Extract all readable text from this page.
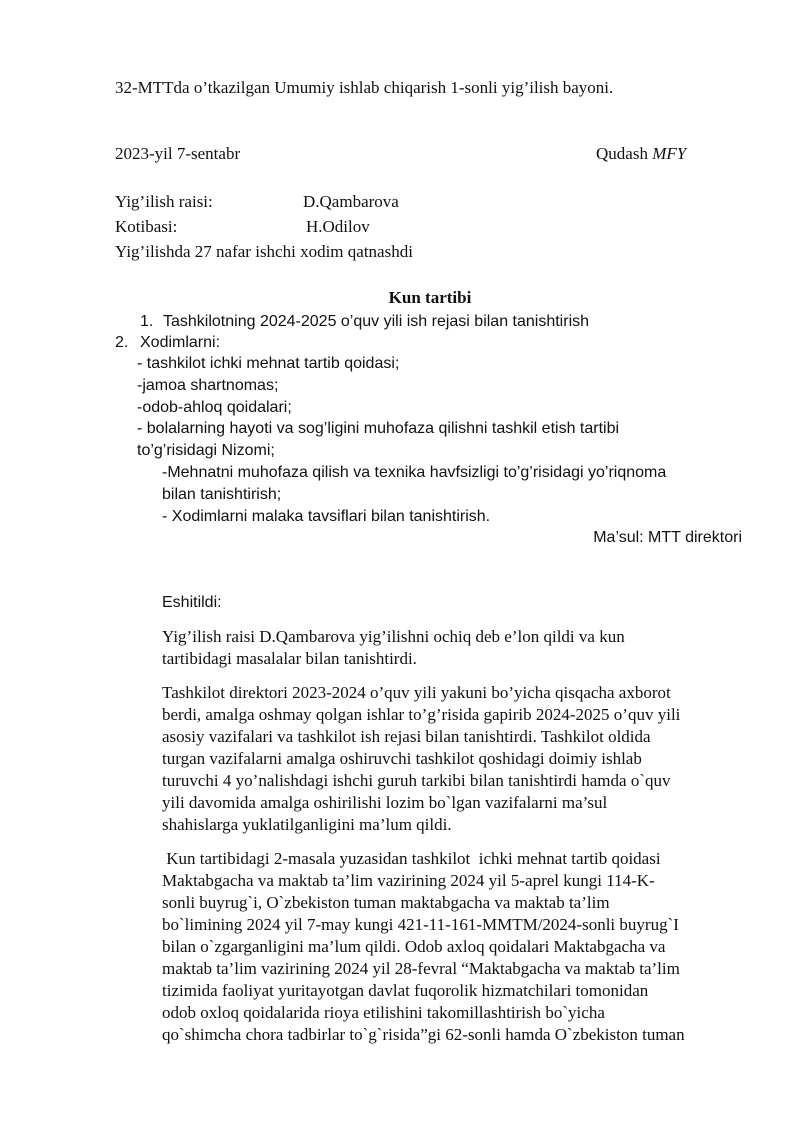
32-MTTda o’tkazilgan Umumiy ishlab chiqarish 1-sonli yig’ilish bayoni.
2023-yil 7-sentabr	Qudash MFY
Yig’ilish raisi:	D.Qambarova
Kotibasi:	H.Odilov
Yig’ilishda 27 nafar ishchi xodim qatnashdi
Kun tartibi
1. Tashkilotning 2024-2025 o’quv yili ish rejasi bilan tanishtirish
2. Xodimlarni:
- tashkilot ichki mehnat tartib qoidasi;
-jamoa shartnomas;
-odob-ahloq qoidalari;
- bolalarning hayoti va sog’ligini muhofaza qilishni tashkil etish tartibi
to’g’risidagi Nizomi;
-Mehnatni muhofaza qilish va texnika havfsizligi to’g’risidagi yo’riqnoma
bilan tanishtirish;
- Xodimlarni malaka tavsiflari bilan tanishtirish.
Ma’sul: MTT direktori
Eshitildi:
Yig’ilish raisi D.Qambarova yig’ilishni ochiq deb e’lon qildi va kun
tartibidagi masalalar bilan tanishtirdi.
Tashkilot direktori 2023-2024 o’quv yili yakuni bo’yicha qisqacha axborot
berdi, amalga oshmay qolgan ishlar to’g’risida gapirib 2024-2025 o’quv yili
asosiy vazifalari va tashkilot ish rejasi bilan tanishtirdi. Tashkilot oldida
turgan vazifalarni amalga oshiruvchi tashkilot qoshidagi doimiy ishlab
turuvchi 4 yo’nalishdagi ishchi guruh tarkibi bilan tanishtirdi hamda o`quv
yili davomida amalga oshirilishi lozim bo`lgan vazifalarni ma’sul
shahislarga yuklatilganligini ma’lum qildi.
Kun tartibidagi 2-masala yuzasidan tashkilot  ichki mehnat tartib qoidasi
Maktabgacha va maktab ta’lim vazirining 2024 yil 5-aprel kungi 114-K-
sonli buyrug`i, O`zbekiston tuman maktabgacha va maktab ta’lim
bo`limining 2024 yil 7-may kungi 421-11-161-MMTM/2024-sonli buyrug`I
bilan o`zgarganligini ma’lum qildi. Odob axloq qoidalari Maktabgacha va
maktab ta’lim vazirining 2024 yil 28-fevral “Maktabgacha va maktab ta’lim
tizimida faoliyat yuritayotgan davlat fuqorolik hizmatchilari tomonidan
odob oxloq qoidalarida rioya etilishini takomillashtirish bo`yicha
qo`shimcha chora tadbirlar to`g`risida”gi 62-sonli hamda O`zbekiston tuman
